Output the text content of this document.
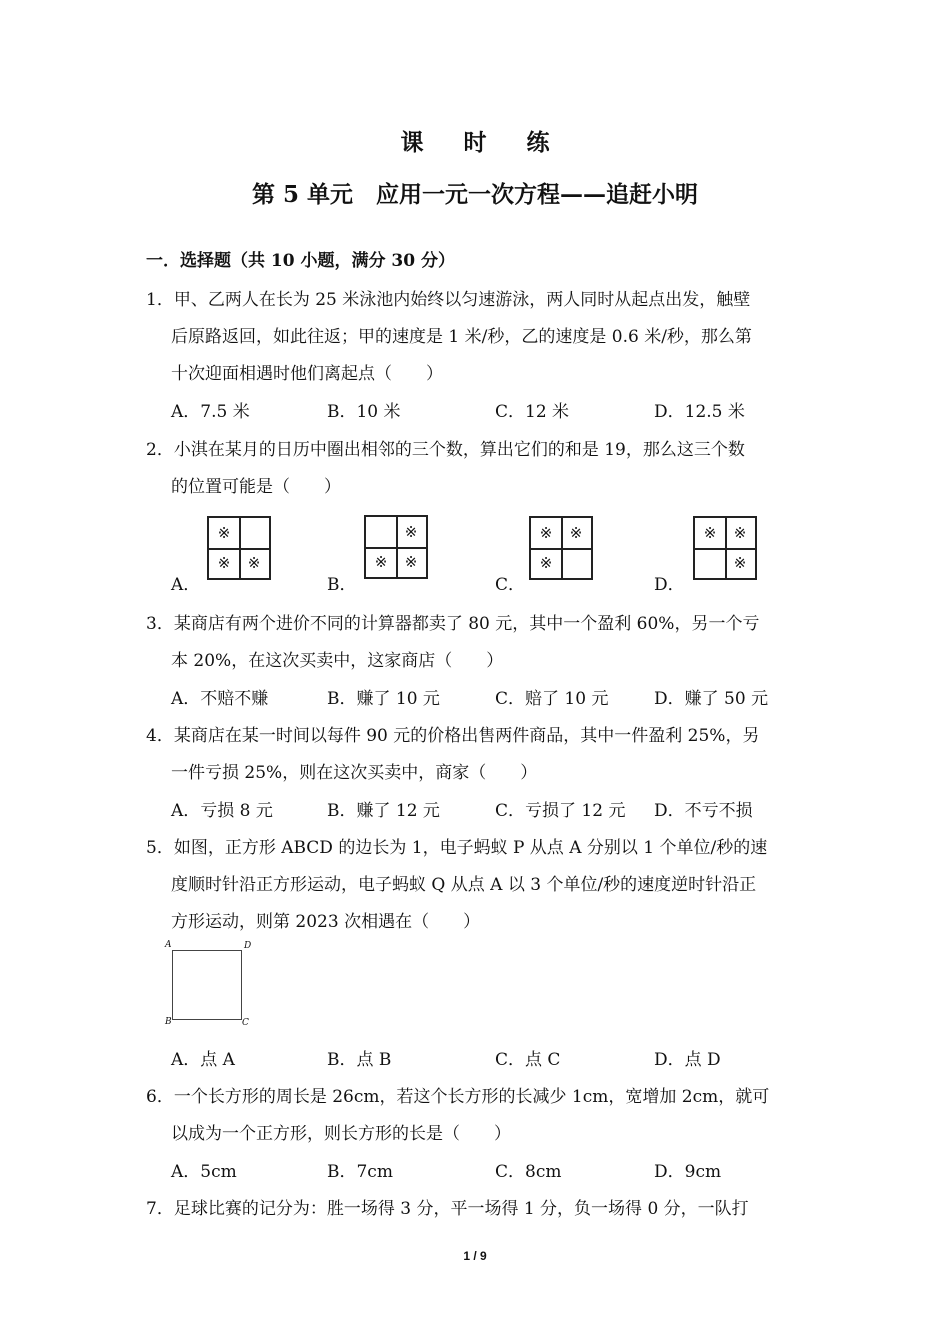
课 时 练
第 5 单元　应用一元一次方程——追赶小明
一．选择题（共 10 小题，满分 30 分）
1．甲、乙两人在长为 25 米泳池内始终以匀速游泳，两人同时从起点出发，触壁
后原路返回，如此往返；甲的速度是 1 米/秒，乙的速度是 0.6 米/秒，那么第
十次迎面相遇时他们离起点（　　）
A．7.5 米	B．10 米	C．12 米	D．12.5 米
2．小淇在某月的日历中圈出相邻的三个数，算出它们的和是 19，那么这三个数
的位置可能是（　　）
A．
※
※	※
B．
※
※	※
C．
※	※
※
D．
※	※
※
3．某商店有两个进价不同的计算器都卖了 80 元，其中一个盈利 60%，另一个亏
本 20%，在这次买卖中，这家商店（　　）
A．不赔不赚	B．赚了 10 元	C．赔了 10 元	D．赚了 50 元
4．某商店在某一时间以每件 90 元的价格出售两件商品，其中一件盈利 25%，另
一件亏损 25%，则在这次买卖中，商家（　　）
A．亏损 8 元	B．赚了 12 元	C．亏损了 12 元 D．不亏不损
5．如图，正方形 ABCD 的边长为 1，电子蚂蚁 P 从点 A 分别以 1 个单位/秒的速
度顺时针沿正方形运动，电子蚂蚁 Q 从点 A 以 3 个单位/秒的速度逆时针沿正
方形运动，则第 2023 次相遇在（　　）
A	D
B	C
A．点 A	B．点 B	C．点 C	D．点 D
6．一个长方形的周长是 26cm，若这个长方形的长减少 1cm，宽增加 2cm，就可
以成为一个正方形，则长方形的长是（　　）
A．5cm	B．7cm	C．8cm	D．9cm
7．足球比赛的记分为：胜一场得 3 分，平一场得 1 分，负一场得 0 分，一队打
1 / 9
